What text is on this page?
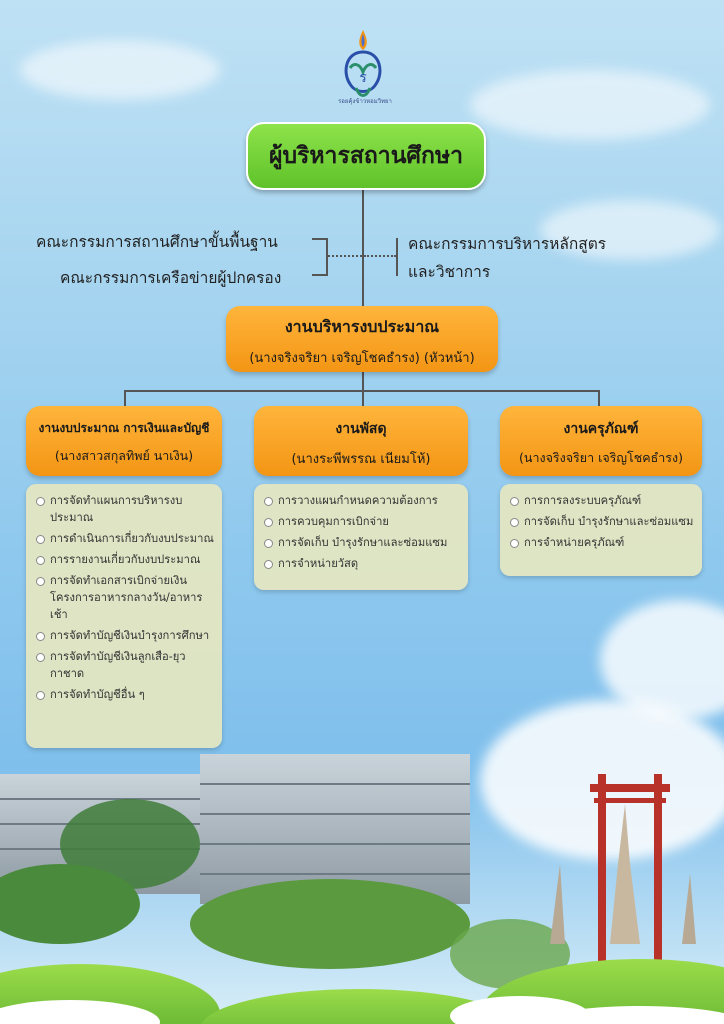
ร
รอยคุ้งข้าวหอมวิทยา
ผู้บริหารสถานศึกษา
คณะกรรมการสถานศึกษาขั้นพื้นฐาน
คณะกรรมการเครือข่ายผู้ปกครอง
คณะกรรมการบริหารหลักสูตร
และวิชาการ
งานบริหารงบประมาณ
(นางจริงจริยา เจริญโชคธำรง) (หัวหน้า)
งานงบประมาณ การเงินและบัญชี
(นางสาวสกุลทิพย์ นาเงิน)
งานพัสดุ
(นางระพีพรรณ เนียมโห้)
งานครุภัณฑ์
(นางจริงจริยา เจริญโชคธำรง)
การจัดทำแผนการบริหารงบประมาณ
การดำเนินการเกี่ยวกับงบประมาณ
การรายงานเกี่ยวกับงบประมาณ
การจัดทำเอกสารเบิกจ่ายเงินโครงการอาหารกลางวัน/อาหารเช้า
การจัดทำบัญชีเงินบำรุงการศึกษา
การจัดทำบัญชีเงินลูกเสือ-ยุวกาชาด
การจัดทำบัญชีอื่น ๆ
การวางแผนกำหนดความต้องการ
การควบคุมการเบิกจ่าย
การจัดเก็บ บำรุงรักษาและซ่อมแซม
การจำหน่ายวัสดุ
การการลงระบบครุภัณฑ์
การจัดเก็บ บำรุงรักษาและซ่อมแซม
การจำหน่ายครุภัณฑ์
